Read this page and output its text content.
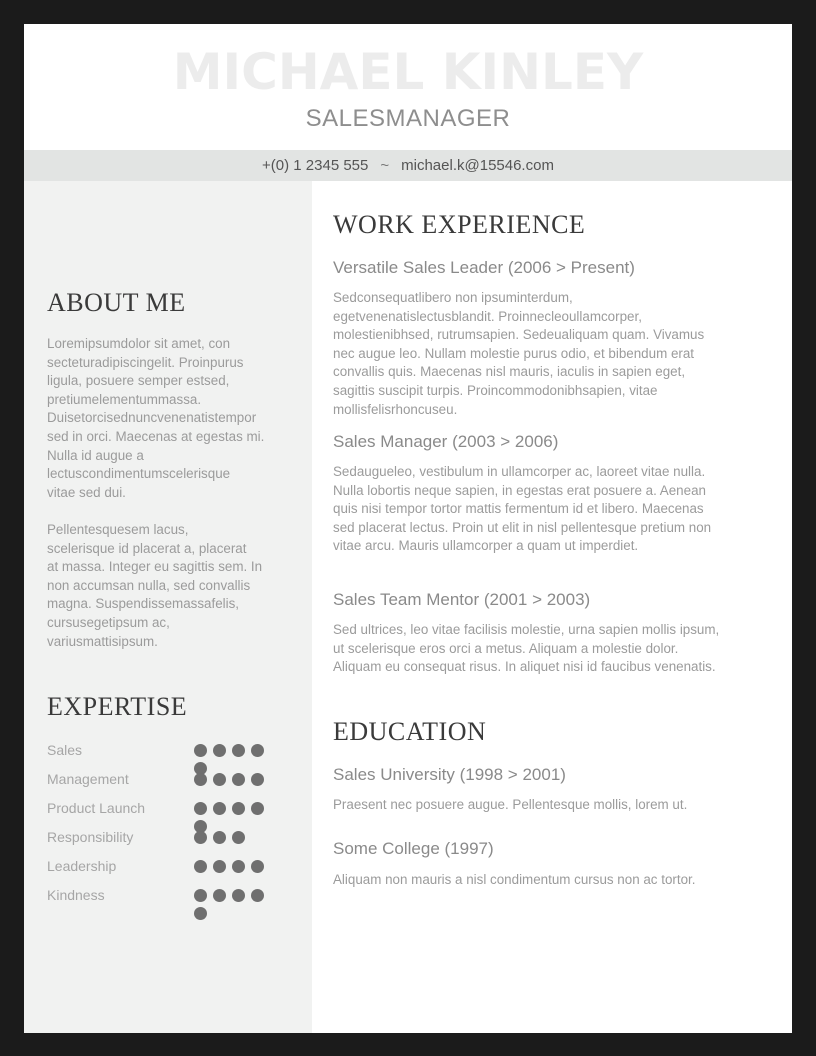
MICHAEL KINLEY
SALESMANAGER
+(0) 1 2345 555 ~ michael.k@15546.com
ABOUT ME
Loremipsumdolor sit amet, con
secteturadipiscingelit. Proinpurus
ligula, posuere semper estsed,
pretiumelementummassa.
Duisetorcisednuncvenenatistempor
sed in orci. Maecenas at egestas mi.
Nulla id augue a
lectuscondimentumscelerisque
vitae sed dui.
Pellentesquesem lacus,
scelerisque id placerat a, placerat
at massa. Integer eu sagittis sem. In
non accumsan nulla, sed convallis
magna. Suspendissemassafelis,
cursusegetipsum ac,
variusmattisipsum.
EXPERTISE
Sales
Management
Product Launch
Responsibility
Leadership
Kindness
WORK EXPERIENCE
Versatile Sales Leader (2006 > Present)
Sedconsequatlibero non ipsuminterdum,
egetvenenatislectusblandit. Proinnecleoullamcorper,
molestienibhsed, rutrumsapien. Sedeualiquam quam. Vivamus
nec augue leo. Nullam molestie purus odio, et bibendum erat
convallis quis. Maecenas nisl mauris, iaculis in sapien eget,
sagittis suscipit turpis. Proincommodonibhsapien, vitae
mollisfelisrhoncuseu.
Sales Manager (2003 > 2006)
Sedaugueleo, vestibulum in ullamcorper ac, laoreet vitae nulla.
Nulla lobortis neque sapien, in egestas erat posuere a. Aenean
quis nisi tempor tortor mattis fermentum id et libero. Maecenas
sed placerat lectus. Proin ut elit in nisl pellentesque pretium non
vitae arcu. Mauris ullamcorper a quam ut imperdiet.
Sales Team Mentor (2001 > 2003)
Sed ultrices, leo vitae facilisis molestie, urna sapien mollis ipsum,
ut scelerisque eros orci a metus. Aliquam a molestie dolor.
Aliquam eu consequat risus. In aliquet nisi id faucibus venenatis.
EDUCATION
Sales University (1998 > 2001)
Praesent nec posuere augue. Pellentesque mollis, lorem ut.
Some College (1997)
Aliquam non mauris a nisl condimentum cursus non ac tortor.
